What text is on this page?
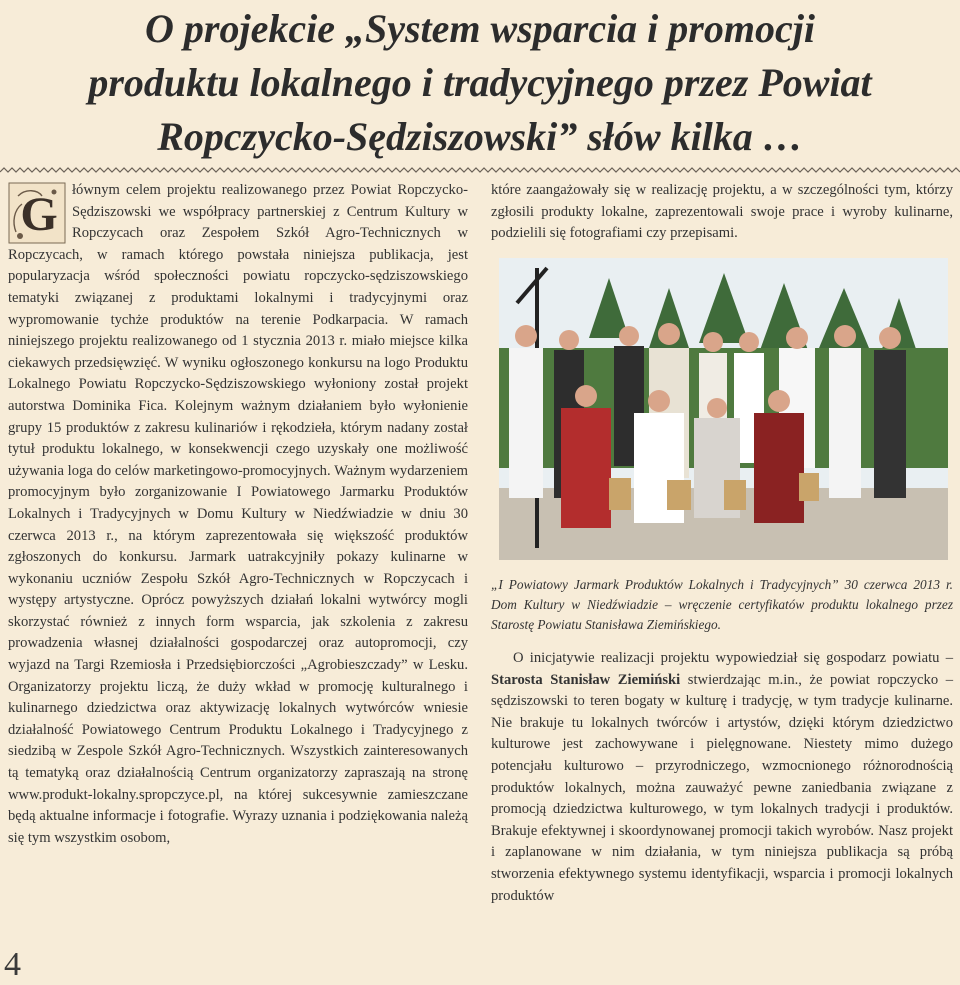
O projekcie „System wsparcia i promocji
produktu lokalnego i tradycyjnego przez Powiat
Ropczycko-Sędziszowski” słów kilka …
G łównym celem projektu realizowanego przez Powiat Ropczycko-Sędziszowski we współpracy partnerskiej z Centrum Kultury w Ropczycach oraz Zespołem Szkół Agro-Technicznych w Ropczycach, w ramach którego powstała niniejsza publikacja, jest popularyzacja wśród społeczności powiatu ropczycko-sędziszowskiego tematyki związanej z produktami lokalnymi i tradycyjnymi oraz wypromowanie tychże produktów na terenie Podkarpacia. W ramach niniejszego projektu realizowanego od 1 stycznia 2013 r. miało miejsce kilka ciekawych przedsięwzięć. W wyniku ogłoszonego konkursu na logo Produktu Lokalnego Powiatu Ropczycko-Sędziszowskiego wyłoniony został projekt autorstwa Dominika Fica. Kolejnym ważnym działaniem było wyłonienie grupy 15 produktów z zakresu kulinariów i rękodzieła, którym nadany został tytuł produktu lokalnego, w konsekwencji czego uzyskały one możliwość używania loga do celów marketingowo-promocyjnych. Ważnym wydarzeniem promocyjnym było zorganizowanie I Powiatowego Jarmarku Produktów Lokalnych i Tradycyjnych w Domu Kultury w Niedźwiadzie w dniu 30 czerwca 2013 r., na którym zaprezentowała się większość produktów zgłoszonych do konkursu. Jarmark uatrakcyjniły pokazy kulinarne w wykonaniu uczniów Zespołu Szkół Agro-Technicznych w Ropczycach i występy artystyczne. Oprócz powyższych działań lokalni wytwórcy mogli skorzystać również z innych form wsparcia, jak szkolenia z zakresu prowadzenia własnej działalności gospodarczej oraz autopromocji, czy wyjazd na Targi Rzemiosła i Przedsiębiorczości „Agrobieszczady” w Lesku. Organizatorzy projektu liczą, że duży wkład w promocję kulturalnego i kulinarnego dziedzictwa oraz aktywizację lokalnych wytwórców wniesie działalność Powiatowego Centrum Produktu Lokalnego i Tradycyjnego z siedzibą w Zespole Szkół Agro-Technicznych. Wszystkich zainteresowanych tą tematyką oraz działalnością Centrum organizatorzy zapraszają na stronę www.produkt-lokalny.spropczyce.pl, na której sukcesywnie zamieszczane będą aktualne informacje i fotografie. Wyrazy uznania i podziękowania należą się tym wszystkim osobom,

które zaangażowały się w realizację projektu, a w szczególności tym, którzy zgłosili produkty lokalne, zaprezentowali swoje prace i wyroby kulinarne, podzielili się fotografiami czy przepisami.

„I Powiatowy Jarmark Produktów Lokalnych i Tradycyjnych” 30 czerwca 2013 r. Dom Kultury w Niedźwiadzie – wręczenie certyfikatów produktu lokalnego przez Starostę Powiatu Stanisława Ziemińskiego.

O inicjatywie realizacji projektu wypowiedział się gospodarz powiatu – Starosta Stanisław Ziemiński stwierdzając m.in., że powiat ropczycko – sędziszowski to teren bogaty w kulturę i tradycję, w tym tradycje kulinarne. Nie brakuje tu lokalnych twórców i artystów, dzięki którym dziedzictwo kulturowe jest zachowywane i pielęgnowane. Niestety mimo dużego potencjału kulturowo – przyrodniczego, wzmocnionego różnorodnością produktów lokalnych, można zauważyć pewne zaniedbania związane z promocją dziedzictwa kulturowego, w tym lokalnych tradycji i produktów. Brakuje efektywnej i skoordynowanej promocji takich wyrobów. Nasz projekt i zaplanowane w nim działania, w tym niniejsza publikacja są próbą stworzenia efektywnego systemu identyfikacji, wsparcia i promocji lokalnych produktów

4
